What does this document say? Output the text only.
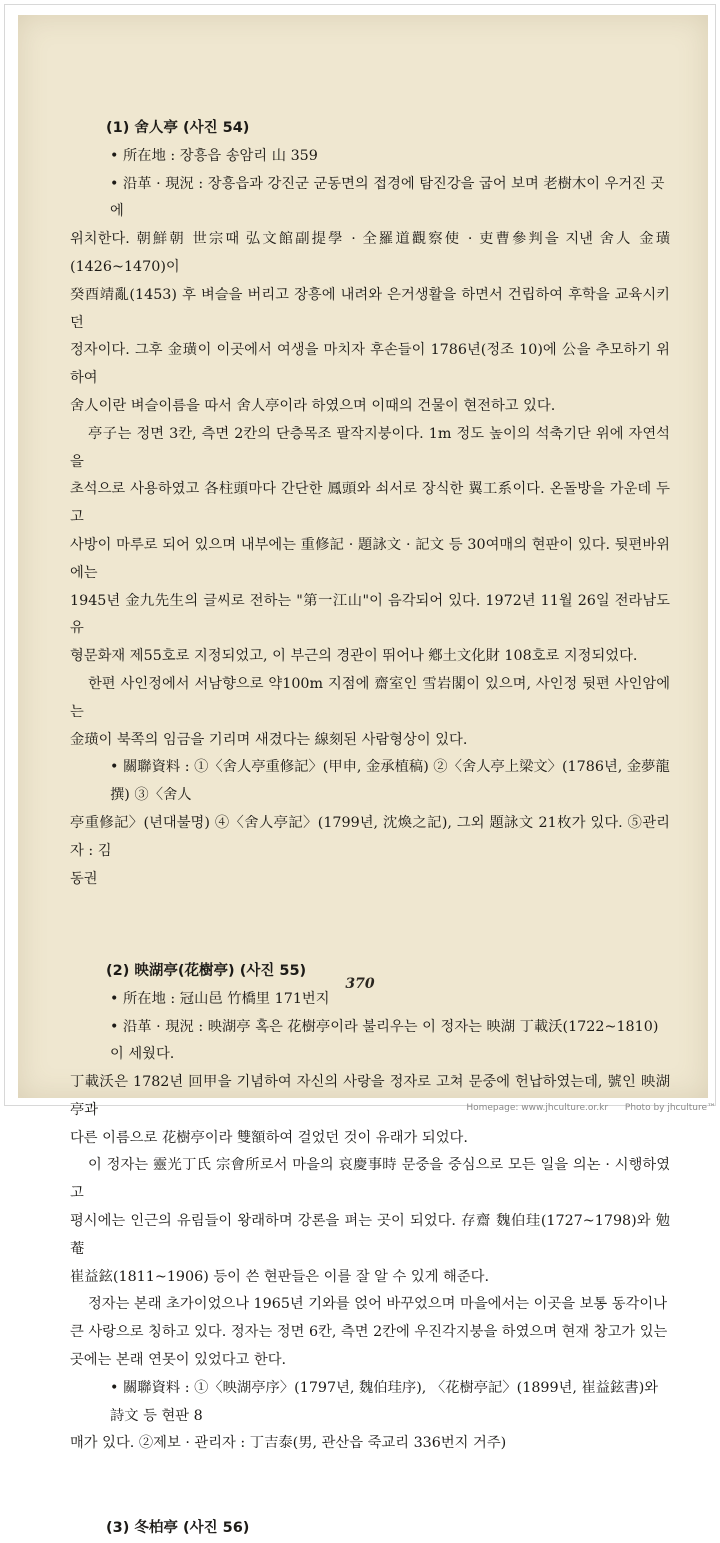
(1) 舍人亭 (사진 54)

• 所在地 : 장흥읍 송암리 山 359

• 沿革 · 現況 : 장흥읍과 강진군 군동면의 접경에 탐진강을 굽어 보며 老樹木이 우거진 곳에

위치한다. 朝鮮朝 世宗때 弘文館副提學 · 全羅道觀察使 · 吏曹參判을 지낸 舍人 金璜(1426~1470)이

癸酉靖亂(1453) 후 벼슬을 버리고 장흥에 내려와 은거생활을 하면서 건립하여 후학을 교육시키던

정자이다. 그후 金璜이 이곳에서 여생을 마치자 후손들이 1786년(정조 10)에 公을 추모하기 위하여

舍人이란 벼슬이름을 따서 舍人亭이라 하였으며 이때의 건물이 현전하고 있다.

亭子는 정면 3칸, 측면 2칸의 단층목조 팔작지붕이다. 1m 정도 높이의 석축기단 위에 자연석을

초석으로 사용하였고 各柱頭마다 간단한 鳳頭와 쇠서로 장식한 翼工系이다. 온돌방을 가운데 두고

사방이 마루로 되어 있으며 내부에는 重修記 · 題詠文 · 記文 등 30여매의 현판이 있다. 뒷편바위에는

1945년 金九先生의 글씨로 전하는 "第一江山"이 음각되어 있다. 1972년 11월 26일 전라남도 유

형문화재 제55호로 지정되었고, 이 부근의 경관이 뛰어나 鄕土文化財 108호로 지정되었다.

한편 사인정에서 서남향으로 약100m 지점에 齋室인 雪岩閣이 있으며, 사인정 뒷편 사인암에는

金璜이 북쪽의 임금을 기리며 새겼다는 線刻된 사람형상이 있다.

• 關聯資料 : ①〈舍人亭重修記〉(甲申, 金承植稿) ②〈舍人亭上梁文〉(1786년, 金夢龍撰) ③〈舍人

亭重修記〉(년대불명) ④〈舍人亭記〉(1799년, 沈煥之記), 그외 題詠文 21枚가 있다. ⑤관리자 : 김

동권

(2) 映湖亭(花樹亭) (사진 55)

• 所在地 : 冠山邑 竹橋里 171번지

• 沿革 · 現況 : 映湖亭 혹은 花樹亭이라 불리우는 이 정자는 映湖 丁載沃(1722~1810)이 세웠다.

丁載沃은 1782년 回甲을 기념하여 자신의 사랑을 정자로 고쳐 문중에 헌납하였는데, 號인 映湖亭과

다른 이름으로 花樹亭이라 雙額하여 걸었던 것이 유래가 되었다.

이 정자는 靈光丁氏 宗會所로서 마을의 哀慶事時 문중을 중심으로 모든 일을 의논 · 시행하였고

평시에는 인근의 유림들이 왕래하며 강론을 펴는 곳이 되었다. 存齋 魏伯珪(1727~1798)와 勉菴

崔益鉉(1811~1906) 등이 쓴 현판들은 이를 잘 알 수 있게 해준다.

정자는 본래 초가이었으나 1965년 기와를 얹어 바꾸었으며 마을에서는 이곳을 보통 동각이나

큰 사랑으로 칭하고 있다. 정자는 정면 6칸, 측면 2칸에 우진각지붕을 하였으며 현재 창고가 있는

곳에는 본래 연못이 있었다고 한다.

• 關聯資料 : ①〈映湖亭序〉(1797년, 魏伯珪序), 〈花樹亭記〉(1899년, 崔益鉉書)와 詩文 등 현판 8

매가 있다. ②제보 · 관리자 : 丁吉泰(男, 관산읍 죽교리 336번지 거주)

(3) 冬柏亭 (사진 56)

370
Homepage: www.jhculture.or.kr Photo by jhculture™
